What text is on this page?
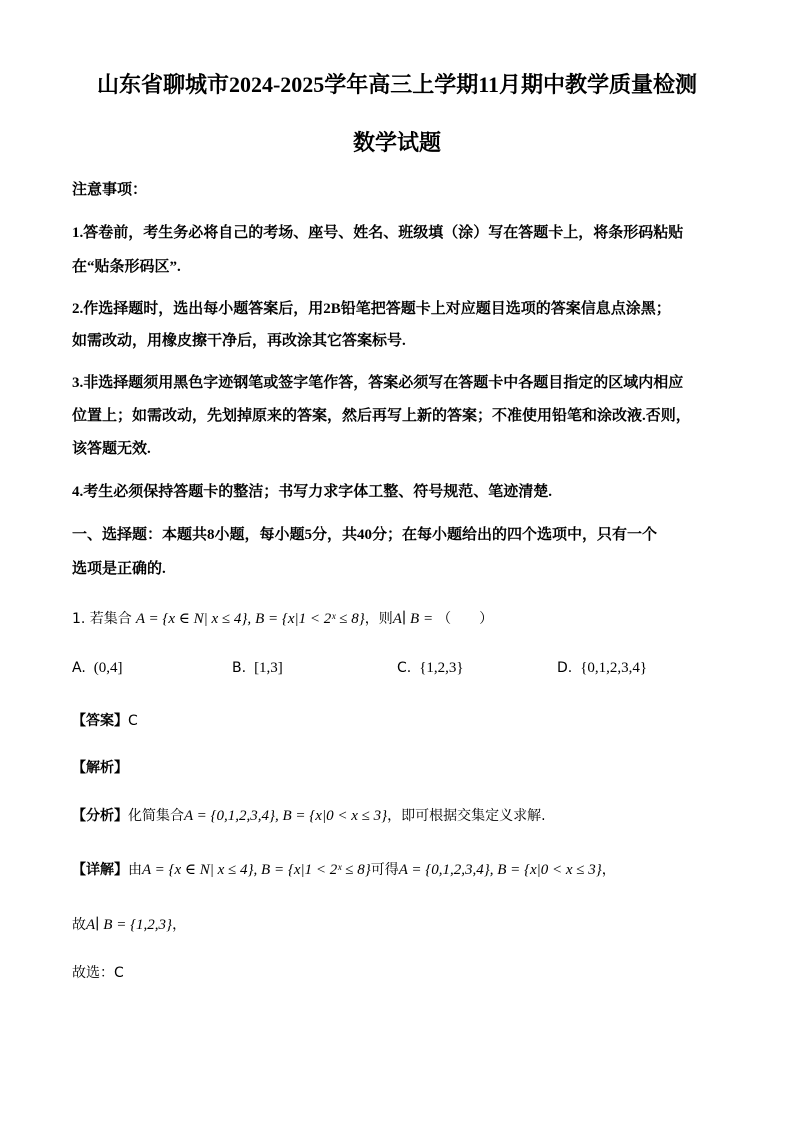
山东省聊城市2024-2025学年高三上学期11月期中教学质量检测
数学试题
注意事项：
1.答卷前，考生务必将自己的考场、座号、姓名、班级填（涂）写在答题卡上，将条形码粘贴
在“贴条形码区”.
2.作选择题时，选出每小题答案后，用2B铅笔把答题卡上对应题目选项的答案信息点涂黑；
如需改动，用橡皮擦干净后，再改涂其它答案标号.
3.非选择题须用黑色字迹钢笔或签字笔作答，答案必须写在答题卡中各题目指定的区域内相应
位置上；如需改动，先划掉原来的答案，然后再写上新的答案；不准使用铅笔和涂改液.否则，
该答题无效.
4.考生必须保持答题卡的整洁；书写力求字体工整、符号规范、笔迹清楚.
一、选择题：本题共8小题，每小题5分，共40分；在每小题给出的四个选项中，只有一个
选项是正确的.
1. 若集合 A = {x ∈ N| x ≤ 4}, B = {x|1 < 2ˣ ≤ 8}，则A∣ B = （　　）
A. (0,4]	B. [1,3]	C. {1,2,3}	D. {0,1,2,3,4}
【答案】C
【解析】
【分析】化简集合A = {0,1,2,3,4}, B = {x|0 < x ≤ 3}，即可根据交集定义求解.
【详解】由A = {x ∈ N| x ≤ 4}, B = {x|1 < 2ˣ ≤ 8}可得A = {0,1,2,3,4}, B = {x|0 < x ≤ 3}，
故A∣ B = {1,2,3}，
故选：C
